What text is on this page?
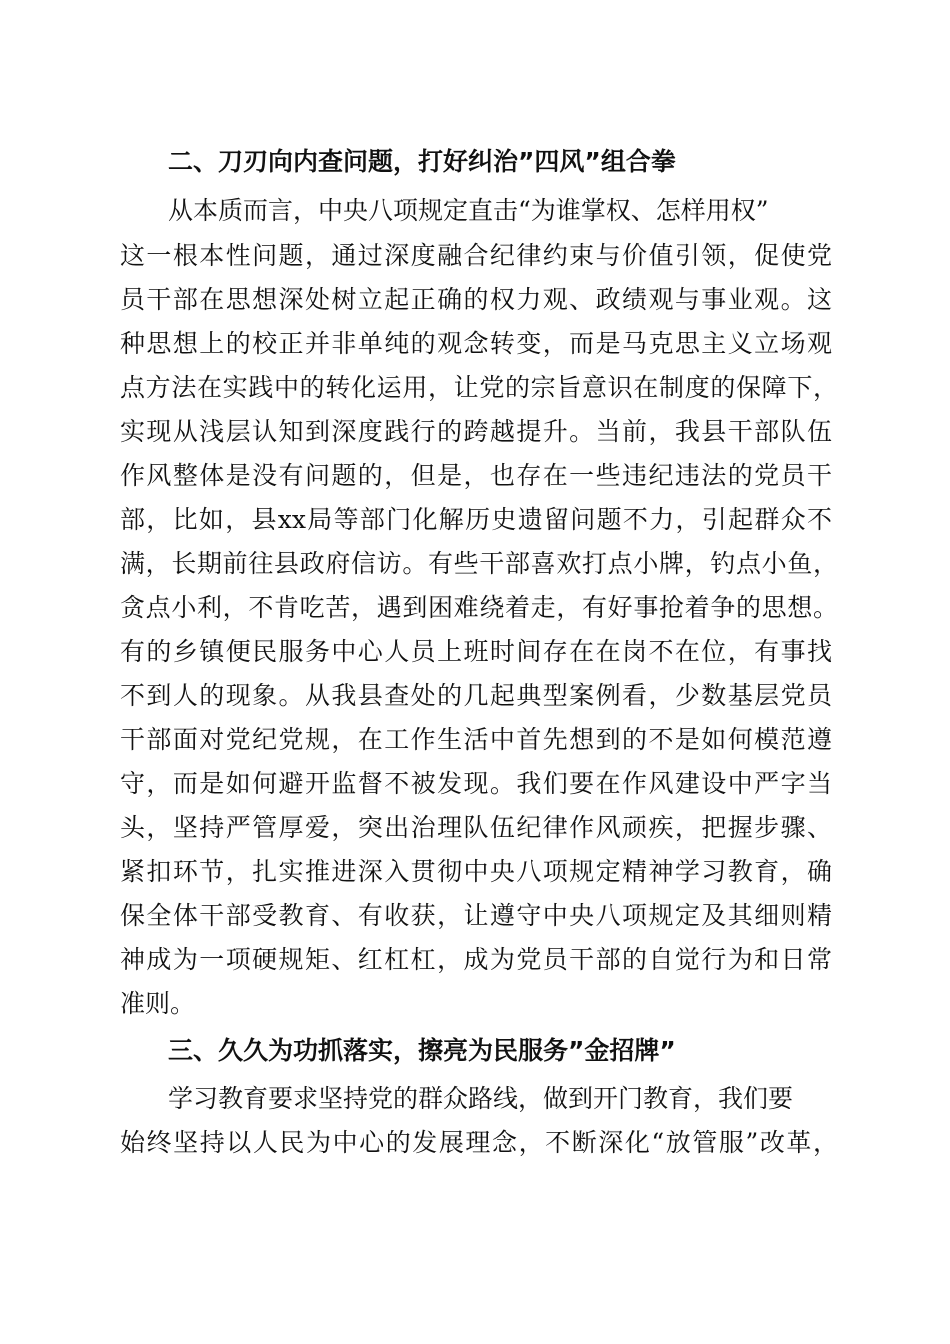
二、刀刃向内查问题，打好纠治”四风”组合拳
从本质而言，中央八项规定直击“为谁掌权、怎样用权”
这一根本性问题，通过深度融合纪律约束与价值引领，促使党
员干部在思想深处树立起正确的权力观、政绩观与事业观。这
种思想上的校正并非单纯的观念转变，而是马克思主义立场观
点方法在实践中的转化运用，让党的宗旨意识在制度的保障下，
实现从浅层认知到深度践行的跨越提升。当前，我县干部队伍
作风整体是没有问题的，但是，也存在一些违纪违法的党员干
部，比如，县xx局等部门化解历史遗留问题不力，引起群众不
满，长期前往县政府信访。有些干部喜欢打点小牌，钓点小鱼，
贪点小利，不肯吃苦，遇到困难绕着走，有好事抢着争的思想。
有的乡镇便民服务中心人员上班时间存在在岗不在位，有事找
不到人的现象。从我县查处的几起典型案例看，少数基层党员
干部面对党纪党规，在工作生活中首先想到的不是如何模范遵
守，而是如何避开监督不被发现。我们要在作风建设中严字当
头，坚持严管厚爱，突出治理队伍纪律作风顽疾，把握步骤、
紧扣环节，扎实推进深入贯彻中央八项规定精神学习教育，确
保全体干部受教育、有收获，让遵守中央八项规定及其细则精
神成为一项硬规矩、红杠杠，成为党员干部的自觉行为和日常
准则。
三、久久为功抓落实，擦亮为民服务”金招牌”
学习教育要求坚持党的群众路线，做到开门教育，我们要
始终坚持以人民为中心的发展理念，不断深化“放管服”改革，
